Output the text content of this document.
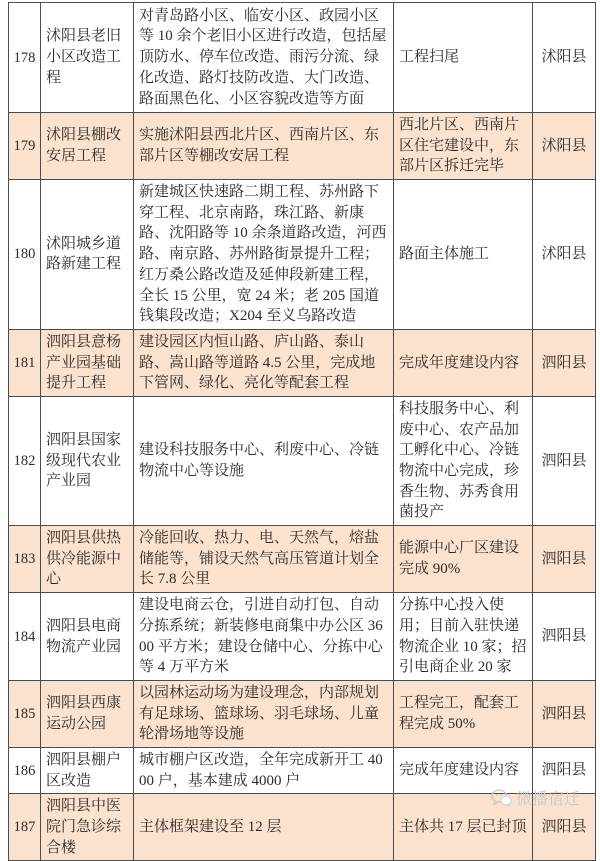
178	沭阳县老旧小区改造工程	对青岛路小区、临安小区、政园小区等 10 余个老旧小区进行改造，包括屋顶防水、停车位改造、雨污分流、绿化改造、路灯技防改造、大门改造、路面黑色化、小区容貌改造等方面	工程扫尾	沭阳县
179	沭阳县棚改安居工程	实施沭阳县西北片区、西南片区、东部片区等棚改安居工程	西北片区、西南片区住宅建设中，东部片区拆迁完毕	沭阳县
180	沭阳城乡道路新建工程	新建城区快速路二期工程、苏州路下穿工程、北京南路，珠江路、新康路、沈阳路等 10 余条道路改造，河西路、南京路、苏州路街景提升工程；红万桑公路改造及延伸段新建工程，全长 15 公里，宽 24 米；老 205 国道钱集段改造；X204 至义乌路改造	路面主体施工	沭阳县
181	泗阳县意杨产业园基础提升工程	建设园区内恒山路、庐山路、泰山路、嵩山路等道路 4.5 公里，完成地下管网、绿化、亮化等配套工程	完成年度建设内容	泗阳县
182	泗阳县国家级现代农业产业园	建设科技服务中心、利废中心、冷链物流中心等设施	科技服务中心、利废中心、农产品加工孵化中心、冷链物流中心完成，珍香生物、苏秀食用菌投产	泗阳县
183	泗阳县供热供冷能源中心	冷能回收、热力、电、天然气，熔盐储能等，铺设天然气高压管道计划全长 7.8 公里	能源中心厂区建设完成 90%	泗阳县
184	泗阳县电商物流产业园	建设电商云仓，引进自动打包、自动分拣系统；新装修电商集中办公区 3600 平方米；建设仓储中心、分拣中心等 4 万平方米	分拣中心投入使用；目前入驻快递物流企业 10 家；招引电商企业 20 家	泗阳县
185	泗阳县西康运动公园	以园林运动场为建设理念，内部规划有足球场、篮球场、羽毛球场、儿童轮滑场地等设施	工程完工，配套工程完成 50%	泗阳县
186	泗阳县棚户区改造	城市棚户区改造，全年完成新开工 4000 户，基本建成 4000 户	完成年度建设内容	泗阳县
187	泗阳县中医院门急诊综合楼	主体框架建设至 12 层	主体共 17 层已封顶	泗阳县
微播宿迁
